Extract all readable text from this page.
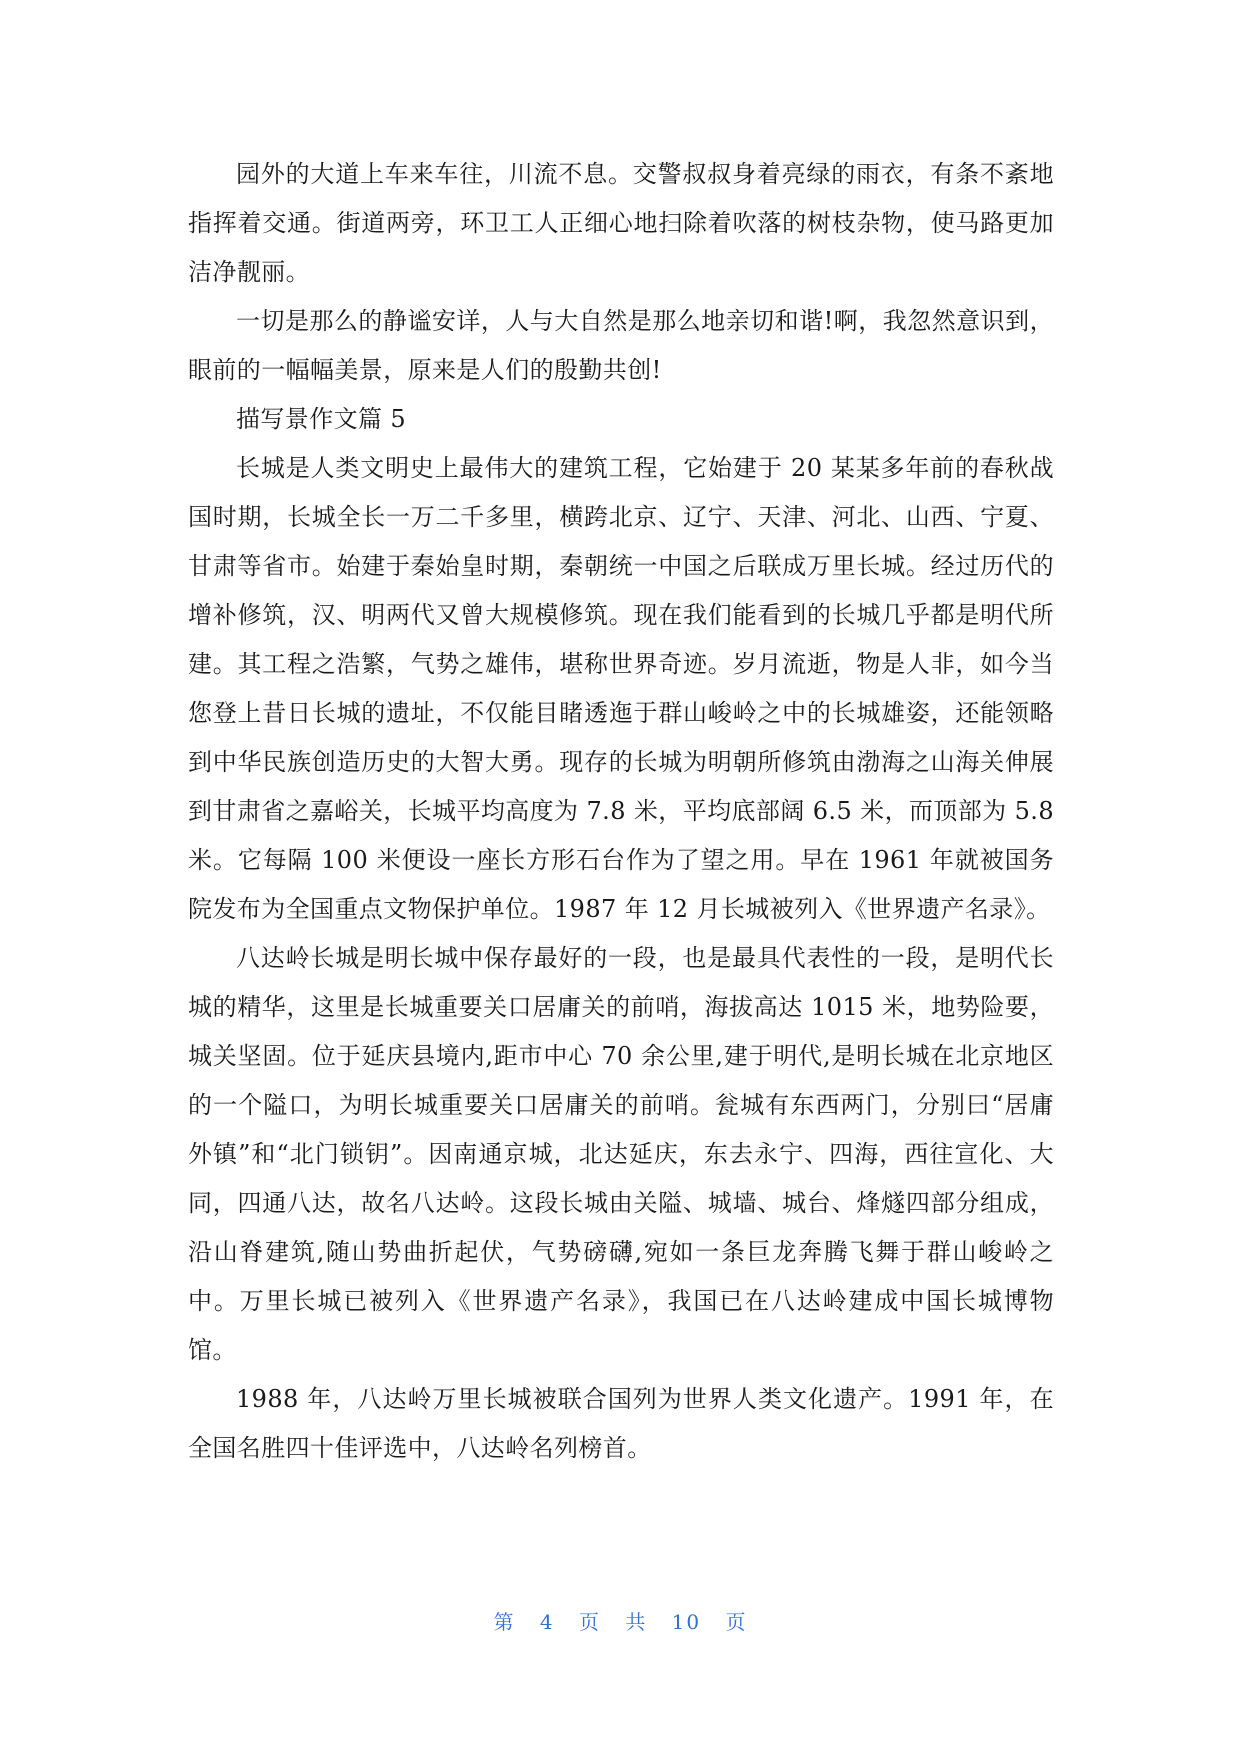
园外的大道上车来车往，川流不息。交警叔叔身着亮绿的雨衣，有条不紊地指挥着交通。街道两旁，环卫工人正细心地扫除着吹落的树枝杂物，使马路更加洁净靓丽。

一切是那么的静谧安详，人与大自然是那么地亲切和谐!啊，我忽然意识到，眼前的一幅幅美景，原来是人们的殷勤共创!

描写景作文篇 5

长城是人类文明史上最伟大的建筑工程，它始建于 20 某某多年前的春秋战国时期，长城全长一万二千多里，横跨北京、辽宁、天津、河北、山西、宁夏、甘肃等省市。始建于秦始皇时期，秦朝统一中国之后联成万里长城。经过历代的增补修筑，汉、明两代又曾大规模修筑。现在我们能看到的长城几乎都是明代所建。其工程之浩繁，气势之雄伟，堪称世界奇迹。岁月流逝，物是人非，如今当您登上昔日长城的遗址，不仅能目睹透迤于群山峻岭之中的长城雄姿，还能领略到中华民族创造历史的大智大勇。现存的长城为明朝所修筑由渤海之山海关伸展到甘肃省之嘉峪关，长城平均高度为 7.8 米，平均底部阔 6.5 米，而顶部为 5.8 米。它每隔 100 米便设一座长方形石台作为了望之用。早在 1961 年就被国务院发布为全国重点文物保护单位。1987 年 12 月长城被列入《世界遗产名录》。

八达岭长城是明长城中保存最好的一段，也是最具代表性的一段，是明代长城的精华，这里是长城重要关口居庸关的前哨，海拔高达 1015 米，地势险要，城关坚固。位于延庆县境内,距市中心 70 余公里,建于明代,是明长城在北京地区的一个隘口，为明长城重要关口居庸关的前哨。瓮城有东西两门，分别曰“居庸外镇”和“北门锁钥”。因南通京城，北达延庆，东去永宁、四海，西往宣化、大同，四通八达，故名八达岭。这段长城由关隘、城墙、城台、烽燧四部分组成，沿山脊建筑,随山势曲折起伏，气势磅礴,宛如一条巨龙奔腾飞舞于群山峻岭之中。万里长城已被列入《世界遗产名录》，我国已在八达岭建成中国长城博物馆。

1988 年，八达岭万里长城被联合国列为世界人类文化遗产。1991 年，在全国名胜四十佳评选中，八达岭名列榜首。

第 4 页 共 10 页
